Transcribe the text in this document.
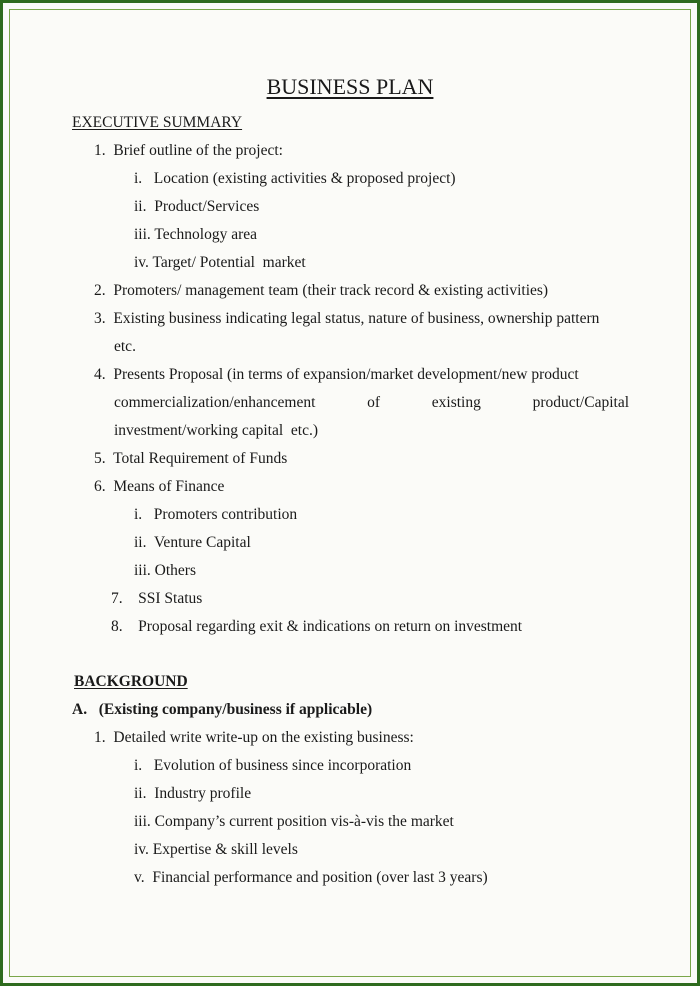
BUSINESS PLAN
EXECUTIVE SUMMARY
1.  Brief outline of the project:
i.   Location (existing activities & proposed project)
ii.  Product/Services
iii. Technology area
iv. Target/ Potential  market
2.  Promoters/ management team (their track record & existing activities)
3.  Existing business indicating legal status, nature of business, ownership pattern
etc.
4.  Presents Proposal (in terms of expansion/market development/new product
commercialization/enhancement	of	existing	product/Capital
investment/working capital  etc.)
5.  Total Requirement of Funds
6.  Means of Finance
i.   Promoters contribution
ii.  Venture Capital
iii. Others
7.    SSI Status
8.    Proposal regarding exit & indications on return on investment
BACKGROUND
A.   (Existing company/business if applicable)
1.  Detailed write write-up on the existing business:
i.   Evolution of business since incorporation
ii.  Industry profile
iii. Company’s current position vis-à-vis the market
iv. Expertise & skill levels
v.  Financial performance and position (over last 3 years)
